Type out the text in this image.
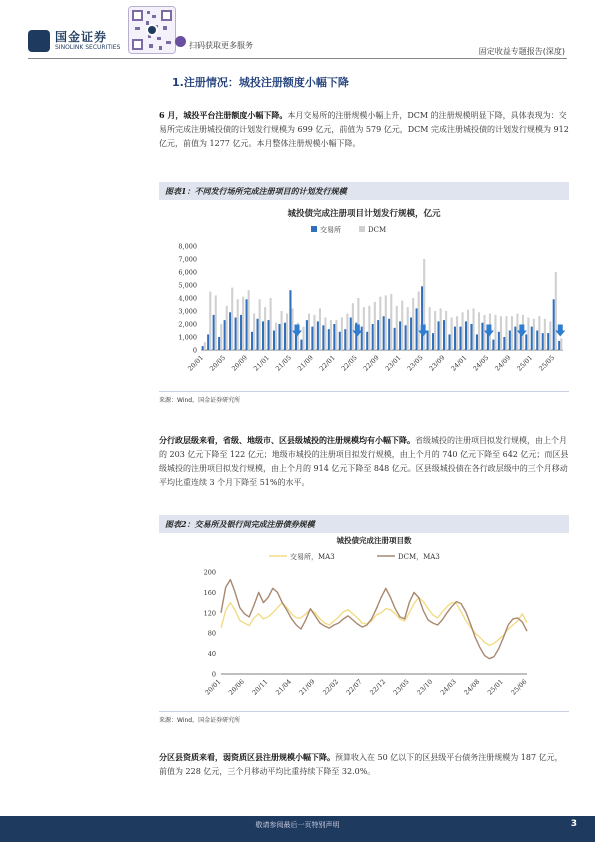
国金证券
SINOLINK SECURITIES	扫码获取更多服务
固定收益专题报告(深度)
1.注册情况：城投注册额度小幅下降
6 月，城投平台注册额度小幅下降。本月交易所的注册规模小幅上升，DCM 的注册规模明显下降，具体表现为：交易所完成注册城投债的计划发行规模为 699 亿元，前值为 579 亿元，DCM 完成注册城投债的计划发行规模为 912 亿元，前值为 1277 亿元。本月整体注册规模小幅下降。
图表1：不同发行场所完成注册项目的计划发行规模
城投债完成注册项目计划发行规模，亿元
交易所	DCM
0
1,000
2,000
3,000
4,000
5,000
6,000
7,000
8,000
20/01 20/05 20/09 21/01 21/05 21/09 22/01 22/05 22/09 23/01 23/05 23/09 24/01 24/05 24/09 25/01 25/05
来源：Wind，国金证券研究所
分行政层级来看，省级、地级市、区县级城投的注册规模均有小幅下降。省级城投的注册项目拟发行规模，由上个月的 203 亿元下降至 122 亿元；地级市城投的注册项目拟发行规模，由上个月的 740 亿元下降至 642 亿元；而区县级城投的注册项目拟发行规模，由上个月的 914 亿元下降至 848 亿元。区县级城投债在各行政层级中的三个月移动平均比重连续 3 个月下降至 51%的水平。
图表2：交易所及银行间完成注册债券规模
城投债完成注册项目数
交易所，MA3	DCM，MA3
0
40
80
120
160
200
20/01 20/06 20/11 21/04 21/09 22/02 22/07 22/12 23/05 23/10 24/03 24/08 25/01 25/06
来源：Wind，国金证券研究所
分区县资质来看，弱资质区县注册规模小幅下降。预算收入在 50 亿以下的区县级平台债务注册规模为 187 亿元，前值为 228 亿元，三个月移动平均比重持续下降至 32.0%。
敬请参阅最后一页特别声明	3
